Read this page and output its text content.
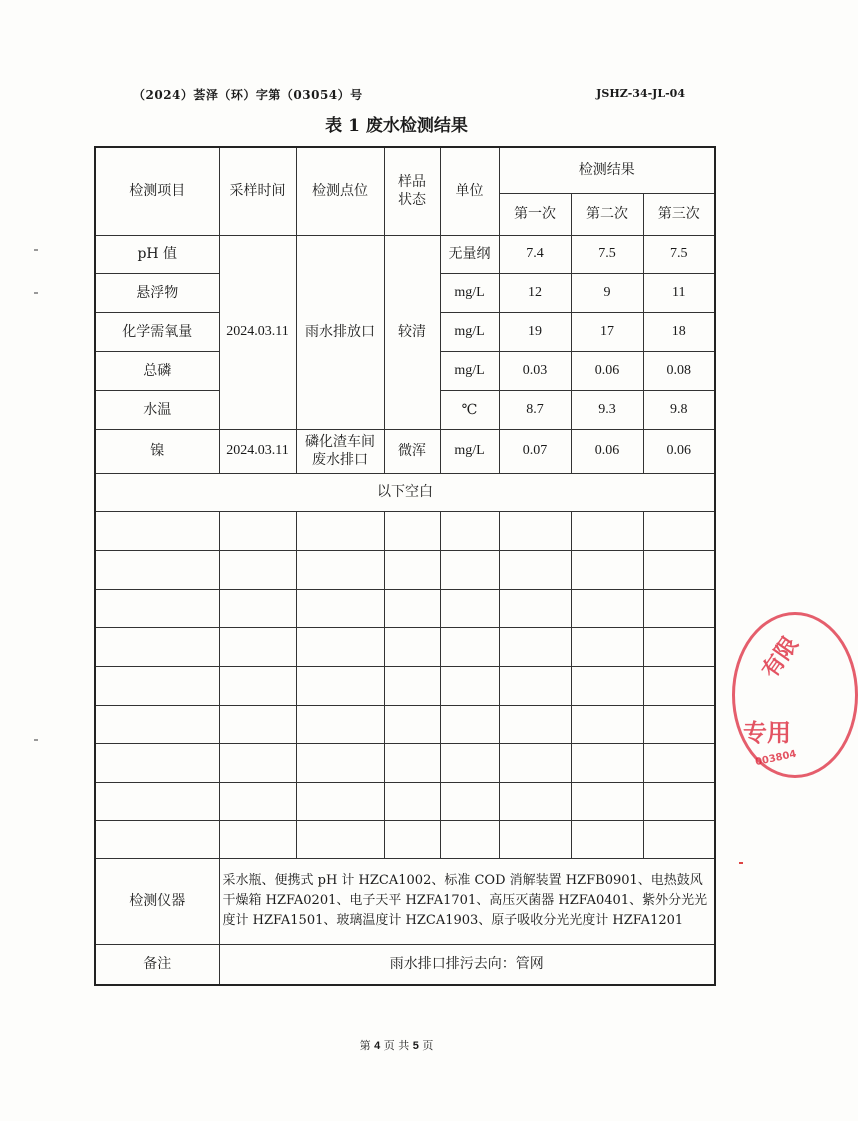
（2024）荟泽（环）字第（03054）号	JSHZ-34-JL-04
表 1 废水检测结果
检测项目	采样时间	检测点位	样品状态	单位	检测结果		
					第一次	第二次	第三次
pH 值	2024.03.11	雨水排放口	较清	无量纲	7.4	7.5	7.5
悬浮物				mg/L	12	9	11
化学需氧量				mg/L	19	17	18
总磷				mg/L	0.03	0.06	0.08
水温				℃	8.7	9.3	9.8
镍	2024.03.11	磷化渣车间废水排口	微浑	mg/L	0.07	0.06	0.06
以下空白							

检测仪器	采水瓶、便携式 pH 计 HZCA1002、标准 COD 消解装置 HZFB0901、电热鼓风干燥箱 HZFA0201、电子天平 HZFA1701、高压灭菌器 HZFA0401、紫外分光光度计 HZFA1501、玻璃温度计 HZCA1903、原子吸收分光光度计 HZFA1201						
备注	雨水排口排污去向：管网						
第 4 页 共 5 页
有限
专用
003804
